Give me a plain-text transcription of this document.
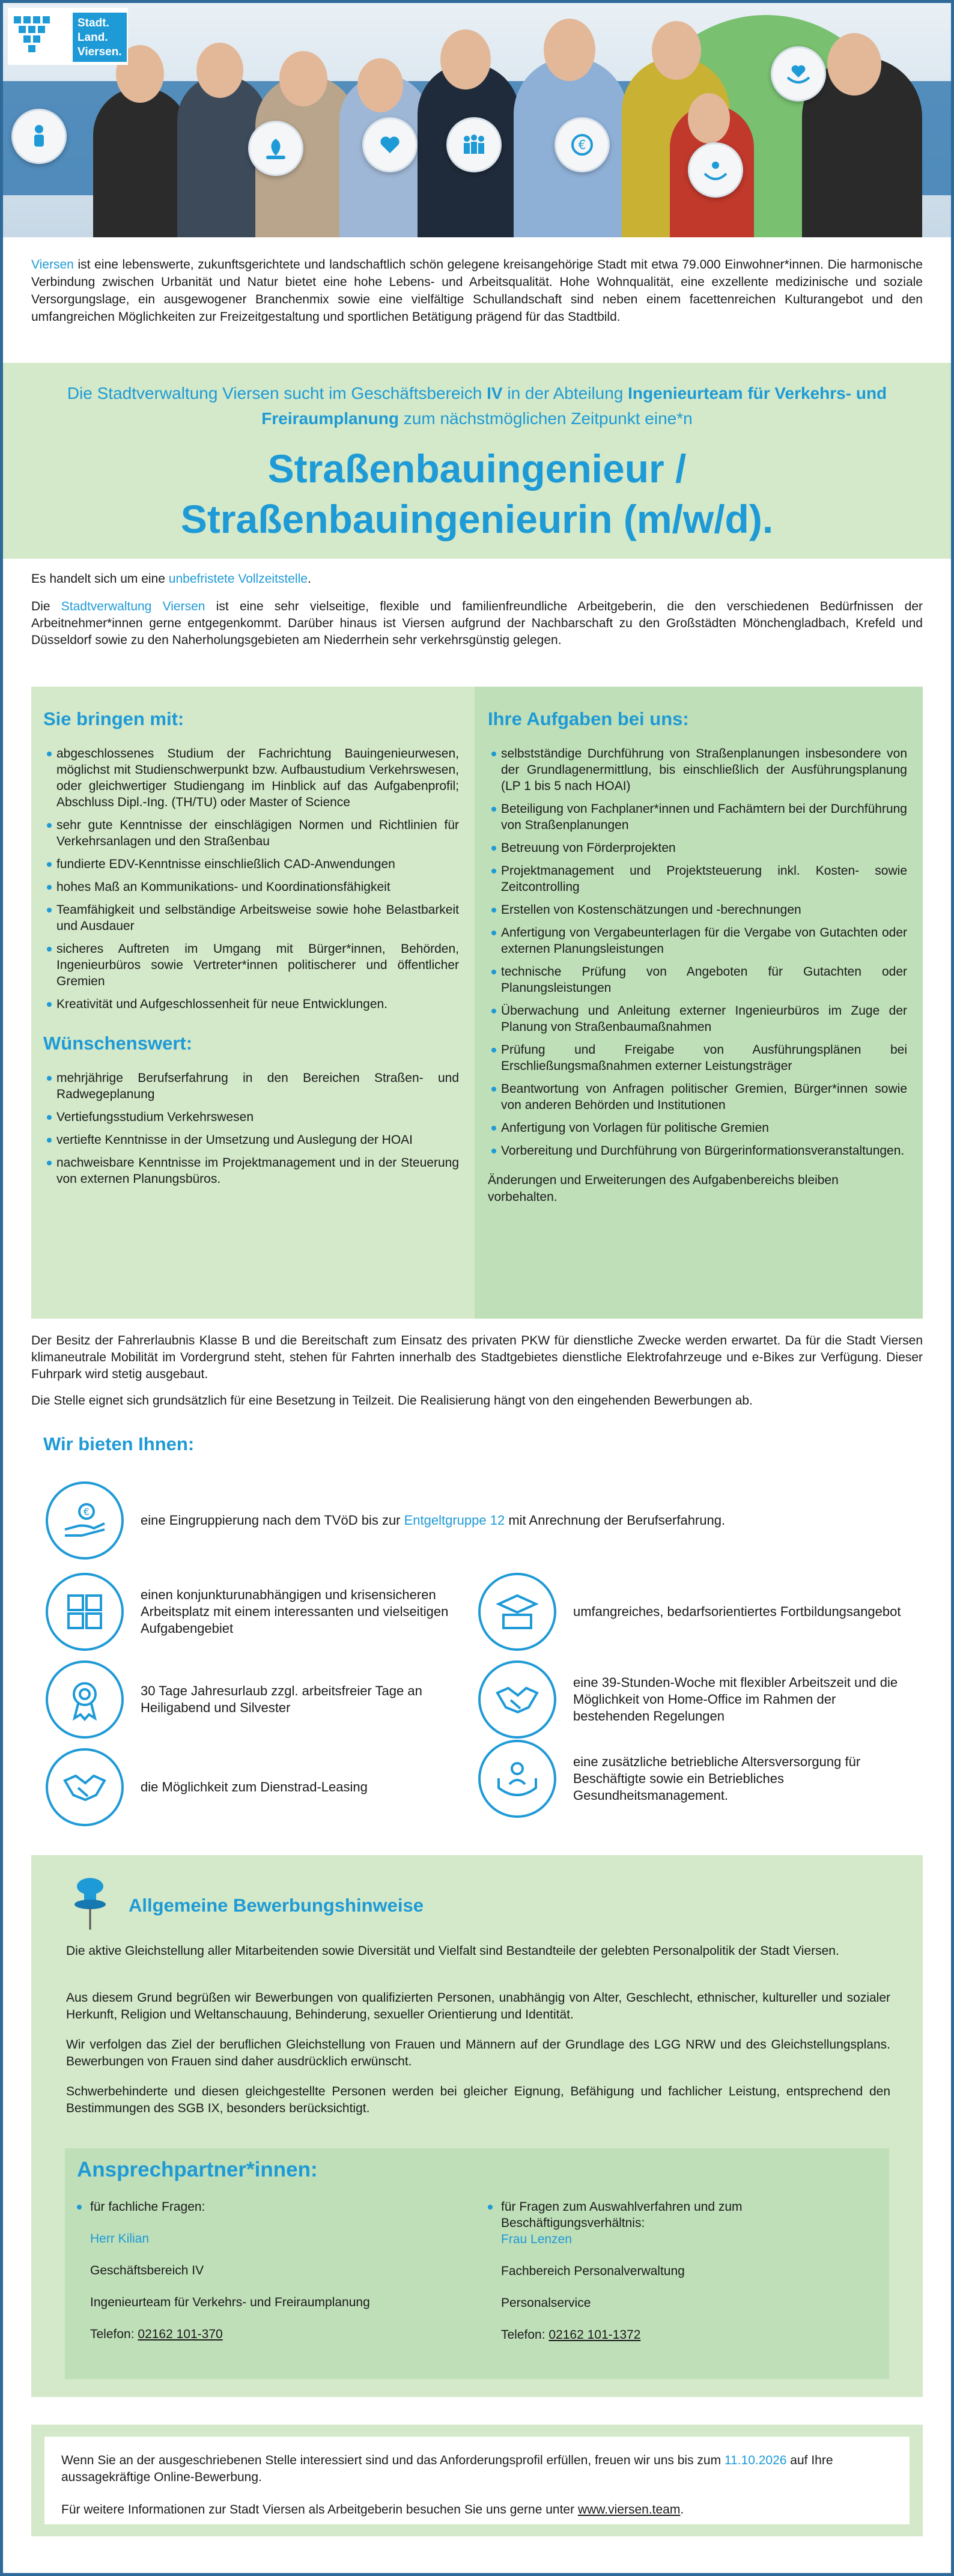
€
Stadt.
Land.
Viersen.
Viersen ist eine lebenswerte, zukunftsgerichtete und landschaftlich schön gelegene kreisangehörige Stadt mit etwa 79.000 Einwohner*innen. Die harmonische Verbindung zwischen Urbanität und Natur bietet eine hohe Lebens- und Arbeitsqualität. Hohe Wohnqualität, eine exzellente medizinische und soziale Versorgungslage, ein ausgewogener Branchenmix sowie eine vielfältige Schullandschaft sind neben einem facettenreichen Kulturangebot und den umfangreichen Möglichkeiten zur Freizeitgestaltung und sportlichen Betätigung prägend für das Stadtbild.
Die Stadtverwaltung Viersen sucht im Geschäftsbereich IV in der Abteilung Ingenieurteam für Verkehrs- und Freiraumplanung zum nächstmöglichen Zeitpunkt eine*n
Straßenbauingenieur /
Straßenbauingenieurin (m/w/d).
Es handelt sich um eine unbefristete Vollzeitstelle.
Die Stadtverwaltung Viersen ist eine sehr vielseitige, flexible und familienfreundliche Arbeitgeberin, die den verschiedenen Bedürfnissen der Arbeitnehmer*innen gerne entgegenkommt. Darüber hinaus ist Viersen aufgrund der Nachbarschaft zu den Großstädten Mönchengladbach, Krefeld und Düsseldorf sowie zu den Naherholungsgebieten am Niederrhein sehr verkehrsgünstig gelegen.
Sie bringen mit:
abgeschlossenes Studium der Fachrichtung Bauingenieurwesen, möglichst mit Studienschwerpunkt bzw. Aufbaustudium Verkehrswesen, oder gleichwertiger Studiengang im Hinblick auf das Aufgabenprofil; Abschluss Dipl.-Ing. (TH/TU) oder Master of Science
sehr gute Kenntnisse der einschlägigen Normen und Richtlinien für Verkehrsanlagen und den Straßenbau
fundierte EDV-Kenntnisse einschließlich CAD-Anwendungen
hohes Maß an Kommunikations- und Koordinationsfähigkeit
Teamfähigkeit und selbständige Arbeitsweise sowie hohe Belastbarkeit und Ausdauer
sicheres Auftreten im Umgang mit Bürger*innen, Behörden, Ingenieurbüros sowie Vertreter*innen politischerer und öffentlicher Gremien
Kreativität und Aufgeschlossenheit für neue Entwicklungen.
Wünschenswert:
mehrjährige Berufserfahrung in den Bereichen Straßen- und Radwegeplanung
Vertiefungsstudium Verkehrswesen
vertiefte Kenntnisse in der Umsetzung und Auslegung der HOAI
nachweisbare Kenntnisse im Projektmanagement und in der Steuerung von externen Planungsbüros.
Ihre Aufgaben bei uns:
selbstständige Durchführung von Straßenplanungen insbesondere von der Grundlagenermittlung, bis einschließlich der Ausführungsplanung (LP 1 bis 5 nach HOAI)
Beteiligung von Fachplaner*innen und Fachämtern bei der Durchführung von Straßenplanungen
Betreuung von Förderprojekten
Projektmanagement und Projektsteuerung inkl. Kosten- sowie Zeitcontrolling
Erstellen von Kostenschätzungen und -berechnungen
Anfertigung von Vergabeunterlagen für die Vergabe von Gutachten oder externen Planungsleistungen
technische Prüfung von Angeboten für Gutachten oder Planungsleistungen
Überwachung und Anleitung externer Ingenieurbüros im Zuge der Planung von Straßenbaumaßnahmen
Prüfung und Freigabe von Ausführungsplänen bei Erschließungsmaßnahmen externer Leistungsträger
Beantwortung von Anfragen politischer Gremien, Bürger*innen sowie von anderen Behörden und Institutionen
Anfertigung von Vorlagen für politische Gremien
Vorbereitung und Durchführung von Bürgerinformationsveranstaltungen.
Änderungen und Erweiterungen des Aufgabenbereichs bleiben vorbehalten.
Der Besitz der Fahrerlaubnis Klasse B und die Bereitschaft zum Einsatz des privaten PKW für dienstliche Zwecke werden erwartet. Da für die Stadt Viersen klimaneutrale Mobilität im Vordergrund steht, stehen für Fahrten innerhalb des Stadtgebietes dienstliche Elektrofahrzeuge und e-Bikes zur Verfügung. Dieser Fuhrpark wird stetig ausgebaut.
Die Stelle eignet sich grundsätzlich für eine Besetzung in Teilzeit. Die Realisierung hängt von den eingehenden Bewerbungen ab.
Wir bieten Ihnen:
€
eine Eingruppierung nach dem TVöD bis zur Entgeltgruppe 12 mit Anrechnung der Berufserfahrung.
einen konjunkturunabhängigen und krisensicheren Arbeitsplatz mit einem interessanten und vielseitigen Aufgabengebiet
umfangreiches, bedarfsorientiertes Fortbildungsangebot
30 Tage Jahresurlaub zzgl. arbeitsfreier Tage an Heiligabend und Silvester
eine 39-Stunden-Woche mit flexibler Arbeitszeit und die Möglichkeit von Home-Office im Rahmen der bestehenden Regelungen
die Möglichkeit zum Dienstrad-Leasing
eine zusätzliche betriebliche Altersversorgung für Beschäftigte sowie ein Betriebliches Gesundheitsmanagement.
Allgemeine Bewerbungshinweise
Die aktive Gleichstellung aller Mitarbeitenden sowie Diversität und Vielfalt sind Bestandteile der gelebten Personalpolitik der Stadt Viersen.
Aus diesem Grund begrüßen wir Bewerbungen von qualifizierten Personen, unabhängig von Alter, Geschlecht, ethnischer, kultureller und sozialer Herkunft, Religion und Weltanschauung, Behinderung, sexueller Orientierung und Identität.
Wir verfolgen das Ziel der beruflichen Gleichstellung von Frauen und Männern auf der Grundlage des LGG NRW und des Gleichstellungsplans. Bewerbungen von Frauen sind daher ausdrücklich erwünscht.
Schwerbehinderte und diesen gleichgestellte Personen werden bei gleicher Eignung, Befähigung und fachlicher Leistung, entsprechend den Bestimmungen des SGB IX, besonders berücksichtigt.
Ansprechpartner*innen:
für fachliche Fragen:
Herr Kilian
Geschäftsbereich IV
Ingenieurteam für Verkehrs- und Freiraumplanung
Telefon: 02162 101-370
für Fragen zum Auswahlverfahren und zum Beschäftigungsverhältnis:
Frau Lenzen
Fachbereich Personalverwaltung
Personalservice
Telefon: 02162 101-1372
Wenn Sie an der ausgeschriebenen Stelle interessiert sind und das Anforderungsprofil erfüllen, freuen wir uns bis zum 11.10.2026 auf Ihre aussagekräftige Online-Bewerbung.
Für weitere Informationen zur Stadt Viersen als Arbeitgeberin besuchen Sie uns gerne unter www.viersen.team.
